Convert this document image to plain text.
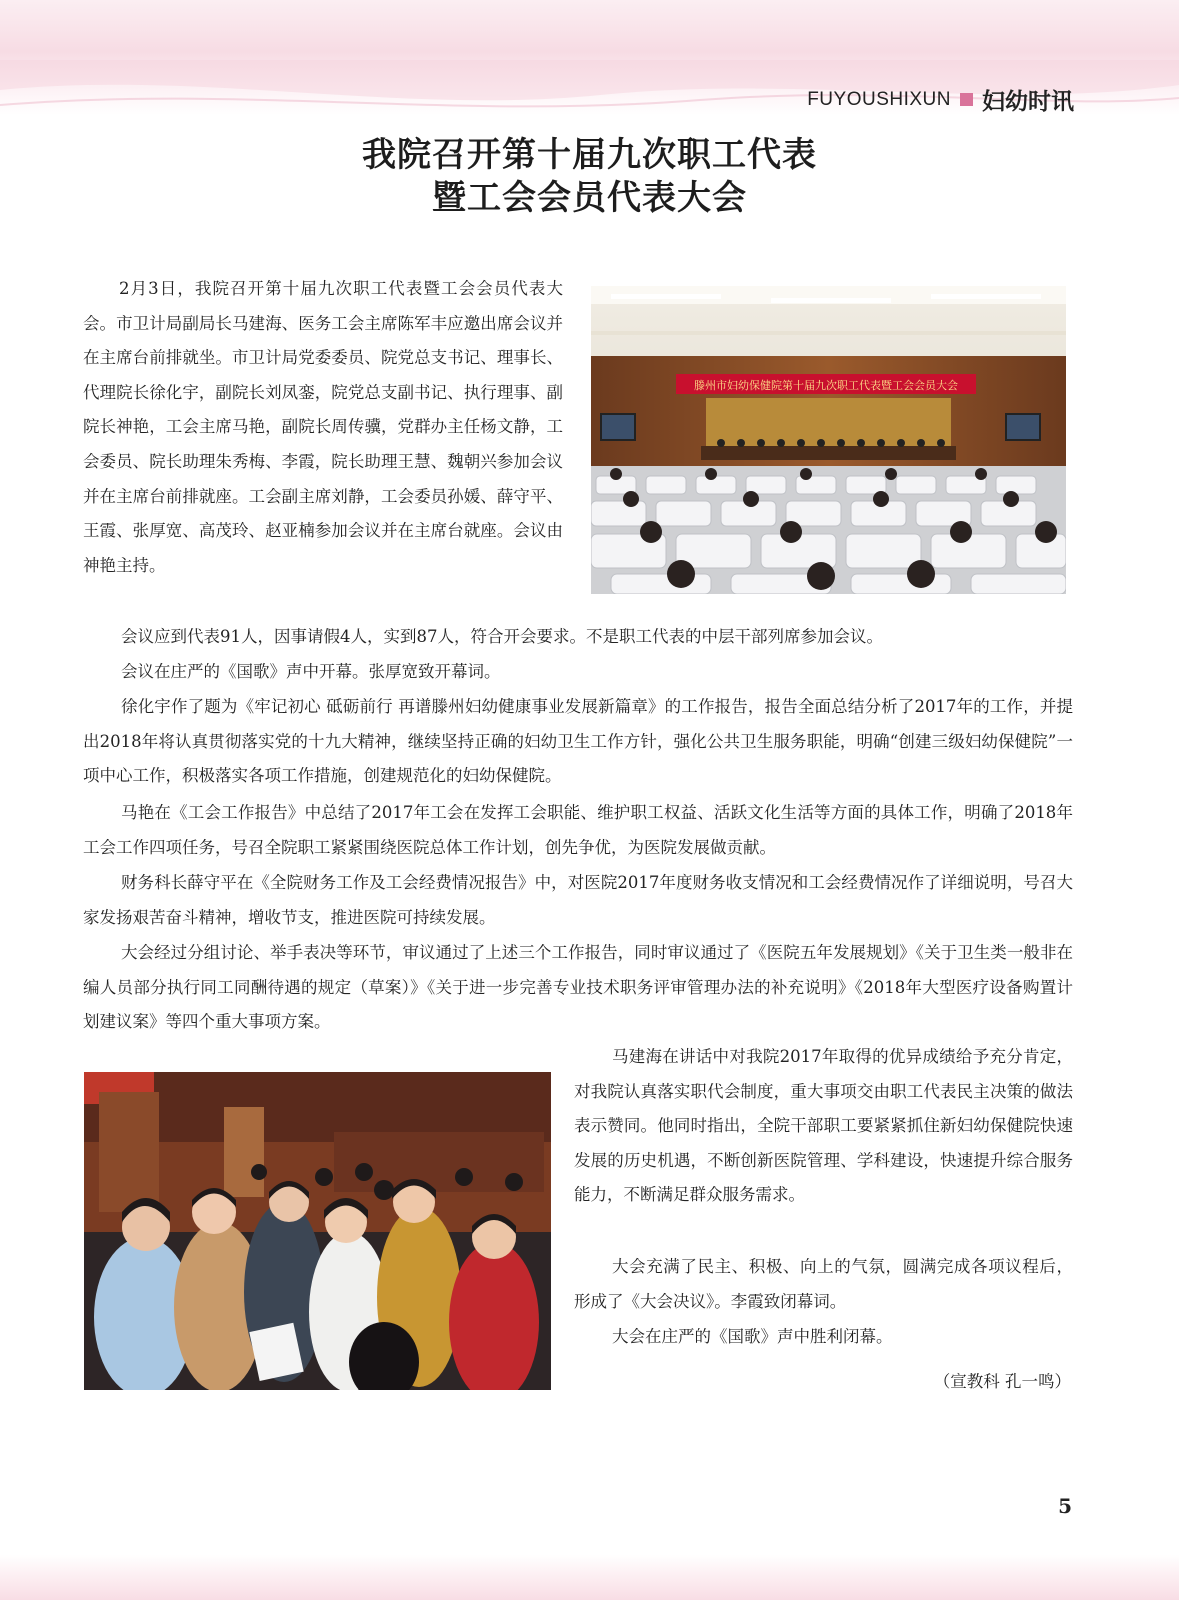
FUYOUSHIXUN 妇幼时讯
我院召开第十届九次职工代表
暨工会会员代表大会
滕州市妇幼保健院第十届九次职工代表暨工会会员大会

2月3日，我院召开第十届九次职工代表暨工会会员代表大会。市卫计局副局长马建海、医务工会主席陈军丰应邀出席会议并在主席台前排就坐。市卫计局党委委员、院党总支书记、理事长、代理院长徐化宇，副院长刘凤銮，院党总支副书记、执行理事、副院长神艳，工会主席马艳，副院长周传骥，党群办主任杨文静，工会委员、院长助理朱秀梅、李霞，院长助理王慧、魏朝兴参加会议并在主席台前排就座。工会副主席刘静，工会委员孙媛、薛守平、王霞、张厚宽、高茂玲、赵亚楠参加会议并在主席台就座。会议由神艳主持。

会议应到代表91人，因事请假4人，实到87人，符合开会要求。不是职工代表的中层干部列席参加会议。

会议在庄严的《国歌》声中开幕。张厚宽致开幕词。

徐化宇作了题为《牢记初心 砥砺前行 再谱滕州妇幼健康事业发展新篇章》的工作报告，报告全面总结分析了2017年的工作，并提出2018年将认真贯彻落实党的十九大精神，继续坚持正确的妇幼卫生工作方针，强化公共卫生服务职能，明确“创建三级妇幼保健院”一项中心工作，积极落实各项工作措施，创建规范化的妇幼保健院。

马艳在《工会工作报告》中总结了2017年工会在发挥工会职能、维护职工权益、活跃文化生活等方面的具体工作，明确了2018年工会工作四项任务，号召全院职工紧紧围绕医院总体工作计划，创先争优，为医院发展做贡献。

财务科长薛守平在《全院财务工作及工会经费情况报告》中，对医院2017年度财务收支情况和工会经费情况作了详细说明，号召大家发扬艰苦奋斗精神，增收节支，推进医院可持续发展。

大会经过分组讨论、举手表决等环节，审议通过了上述三个工作报告，同时审议通过了《医院五年发展规划》《关于卫生类一般非在编人员部分执行同工同酬待遇的规定（草案）》《关于进一步完善专业技术职务评审管理办法的补充说明》《2018年大型医疗设备购置计划建议案》等四个重大事项方案。

马建海在讲话中对我院2017年取得的优异成绩给予充分肯定，对我院认真落实职代会制度，重大事项交由职工代表民主决策的做法表示赞同。他同时指出，全院干部职工要紧紧抓住新妇幼保健院快速发展的历史机遇，不断创新医院管理、学科建设，快速提升综合服务能力，不断满足群众服务需求。

大会充满了民主、积极、向上的气氛，圆满完成各项议程后，形成了《大会决议》。李霞致闭幕词。

大会在庄严的《国歌》声中胜利闭幕。

（宣教科 孔一鸣）
5
